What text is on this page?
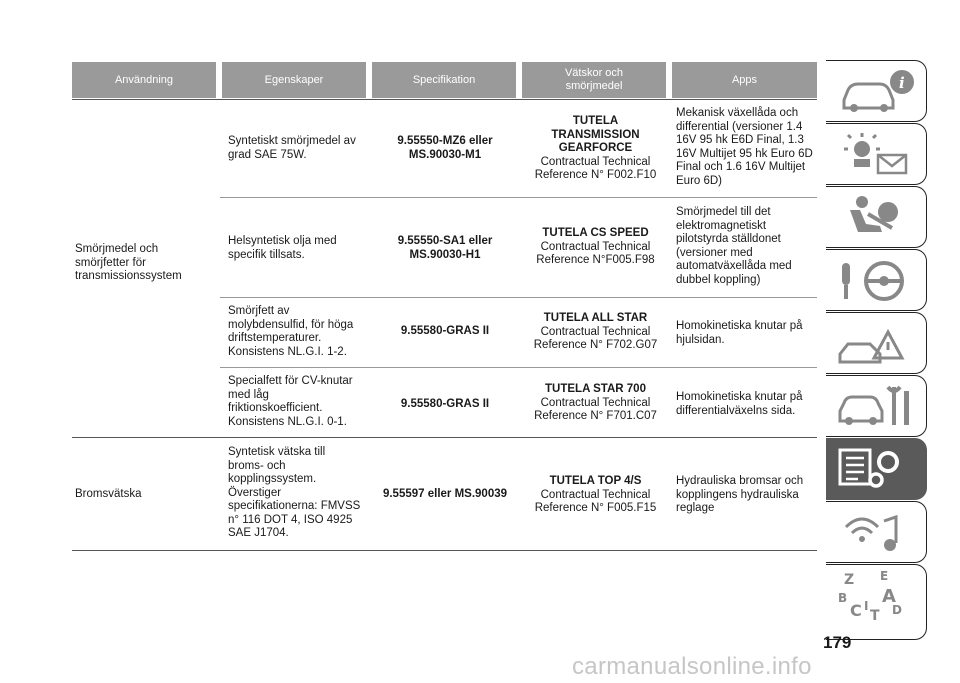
Användning	Egenskaper	Specifikation
Vätskor och smörjmedel
Apps
Smörjmedel och smörjfetter för transmissionssystem
Bromsvätska
Syntetiskt smörjmedel av grad SAE 75W.
9.55550-MZ6 eller MS.90030-M1
TUTELA TRANSMISSION GEARFORCE
Contractual Technical Reference N° F002.F10
Mekanisk växellåda och differential (versioner 1.4 16V 95 hk E6D Final, 1.3 16V Multijet 95 hk Euro 6D Final och 1.6 16V Multijet Euro 6D)
Helsyntetisk olja med specifik tillsats.
9.55550-SA1 eller MS.90030-H1
TUTELA CS SPEED
Contractual Technical Reference N°F005.F98
Smörjmedel till det elektromagnetiskt pilotstyrda ställdonet (versioner med automatväxellåda med dubbel koppling)
Smörjfett av molybdensulfid, för höga driftstemperaturer. Konsistens NL.G.I. 1-2.
9.55580-GRAS II
TUTELA ALL STAR
Contractual Technical Reference N° F702.G07
Homokinetiska knutar på hjulsidan.
Specialfett för CV-knutar med låg friktionskoefficient. Konsistens NL.G.I. 0-1.
9.55580-GRAS II
TUTELA STAR 700
Contractual Technical Reference N° F701.C07
Homokinetiska knutar på differentialväxelns sida.
Syntetisk vätska till broms- och kopplingssystem. Överstiger specifikationerna: FMVSS n° 116 DOT 4, ISO 4925 SAE J1704.
9.55597 eller MS.90039
TUTELA TOP 4/S
Contractual Technical Reference N° F005.F15
Hydrauliska bromsar och kopplingens hydrauliska reglage
i
Z E
B A
C I
T D
179
carmanualsonline.info
